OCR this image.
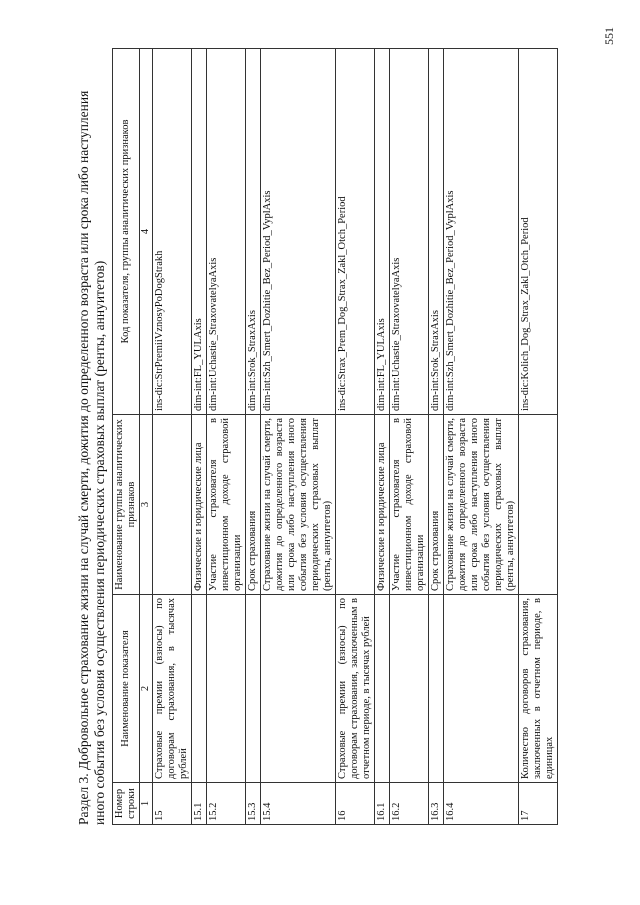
Раздел 3. Добровольное страхование жизни на случай смерти, дожития до определенного возраста или срока либо наступления иного события без условия осуществления периодических страховых выплат (ренты, аннуитетов) Номер строки	Наименование показателя	Наименование группы аналитических признаков	Код показателя, группы аналитических признаков
1	2	3	4
15	Страховые премии (взносы) по договорам страхования, в тысячах рублей		ins-dic:StrPremiiVznosyPoDogStrakh
15.1		Физические и юридические лица	dim-int:FL_YULAxis
15.2		Участие страхователя в инвестиционном доходе страховой организации	dim-int:Uchastie_StraxovatelyaAxis
15.3		Срок страхования	dim-int:Srok_StraxAxis
15.4		Страхование жизни на случай смерти, дожития до определенного возраста или срока либо наступления иного события без условия осуществления периодических страховых выплат (ренты, аннуитетов)	dim-int:Szh_Smert_Dozhitie_Bez_Period_VyplAxis
16	Страховые премии (взносы) по договорам страхования, заключенным в отчетном периоде, в тысячах рублей		ins-dic:Strax_Prem_Dog_Strax_Zakl_Otch_Period
16.1		Физические и юридические лица	dim-int:FL_YULAxis
16.2		Участие страхователя в инвестиционном доходе страховой организации	dim-int:Uchastie_StraxovatelyaAxis
16.3		Срок страхования	dim-int:Srok_StraxAxis
16.4		Страхование жизни на случай смерти, дожития до определенного возраста или срока либо наступления иного события без условия осуществления периодических страховых выплат (ренты, аннуитетов)	dim-int:Szh_Smert_Dozhitie_Bez_Period_VyplAxis
17	Количество договоров страхования, заключенных в отчетном периоде, в единицах		ins-dic:Kolich_Dog_Strax_Zakl_Otch_Period
551
